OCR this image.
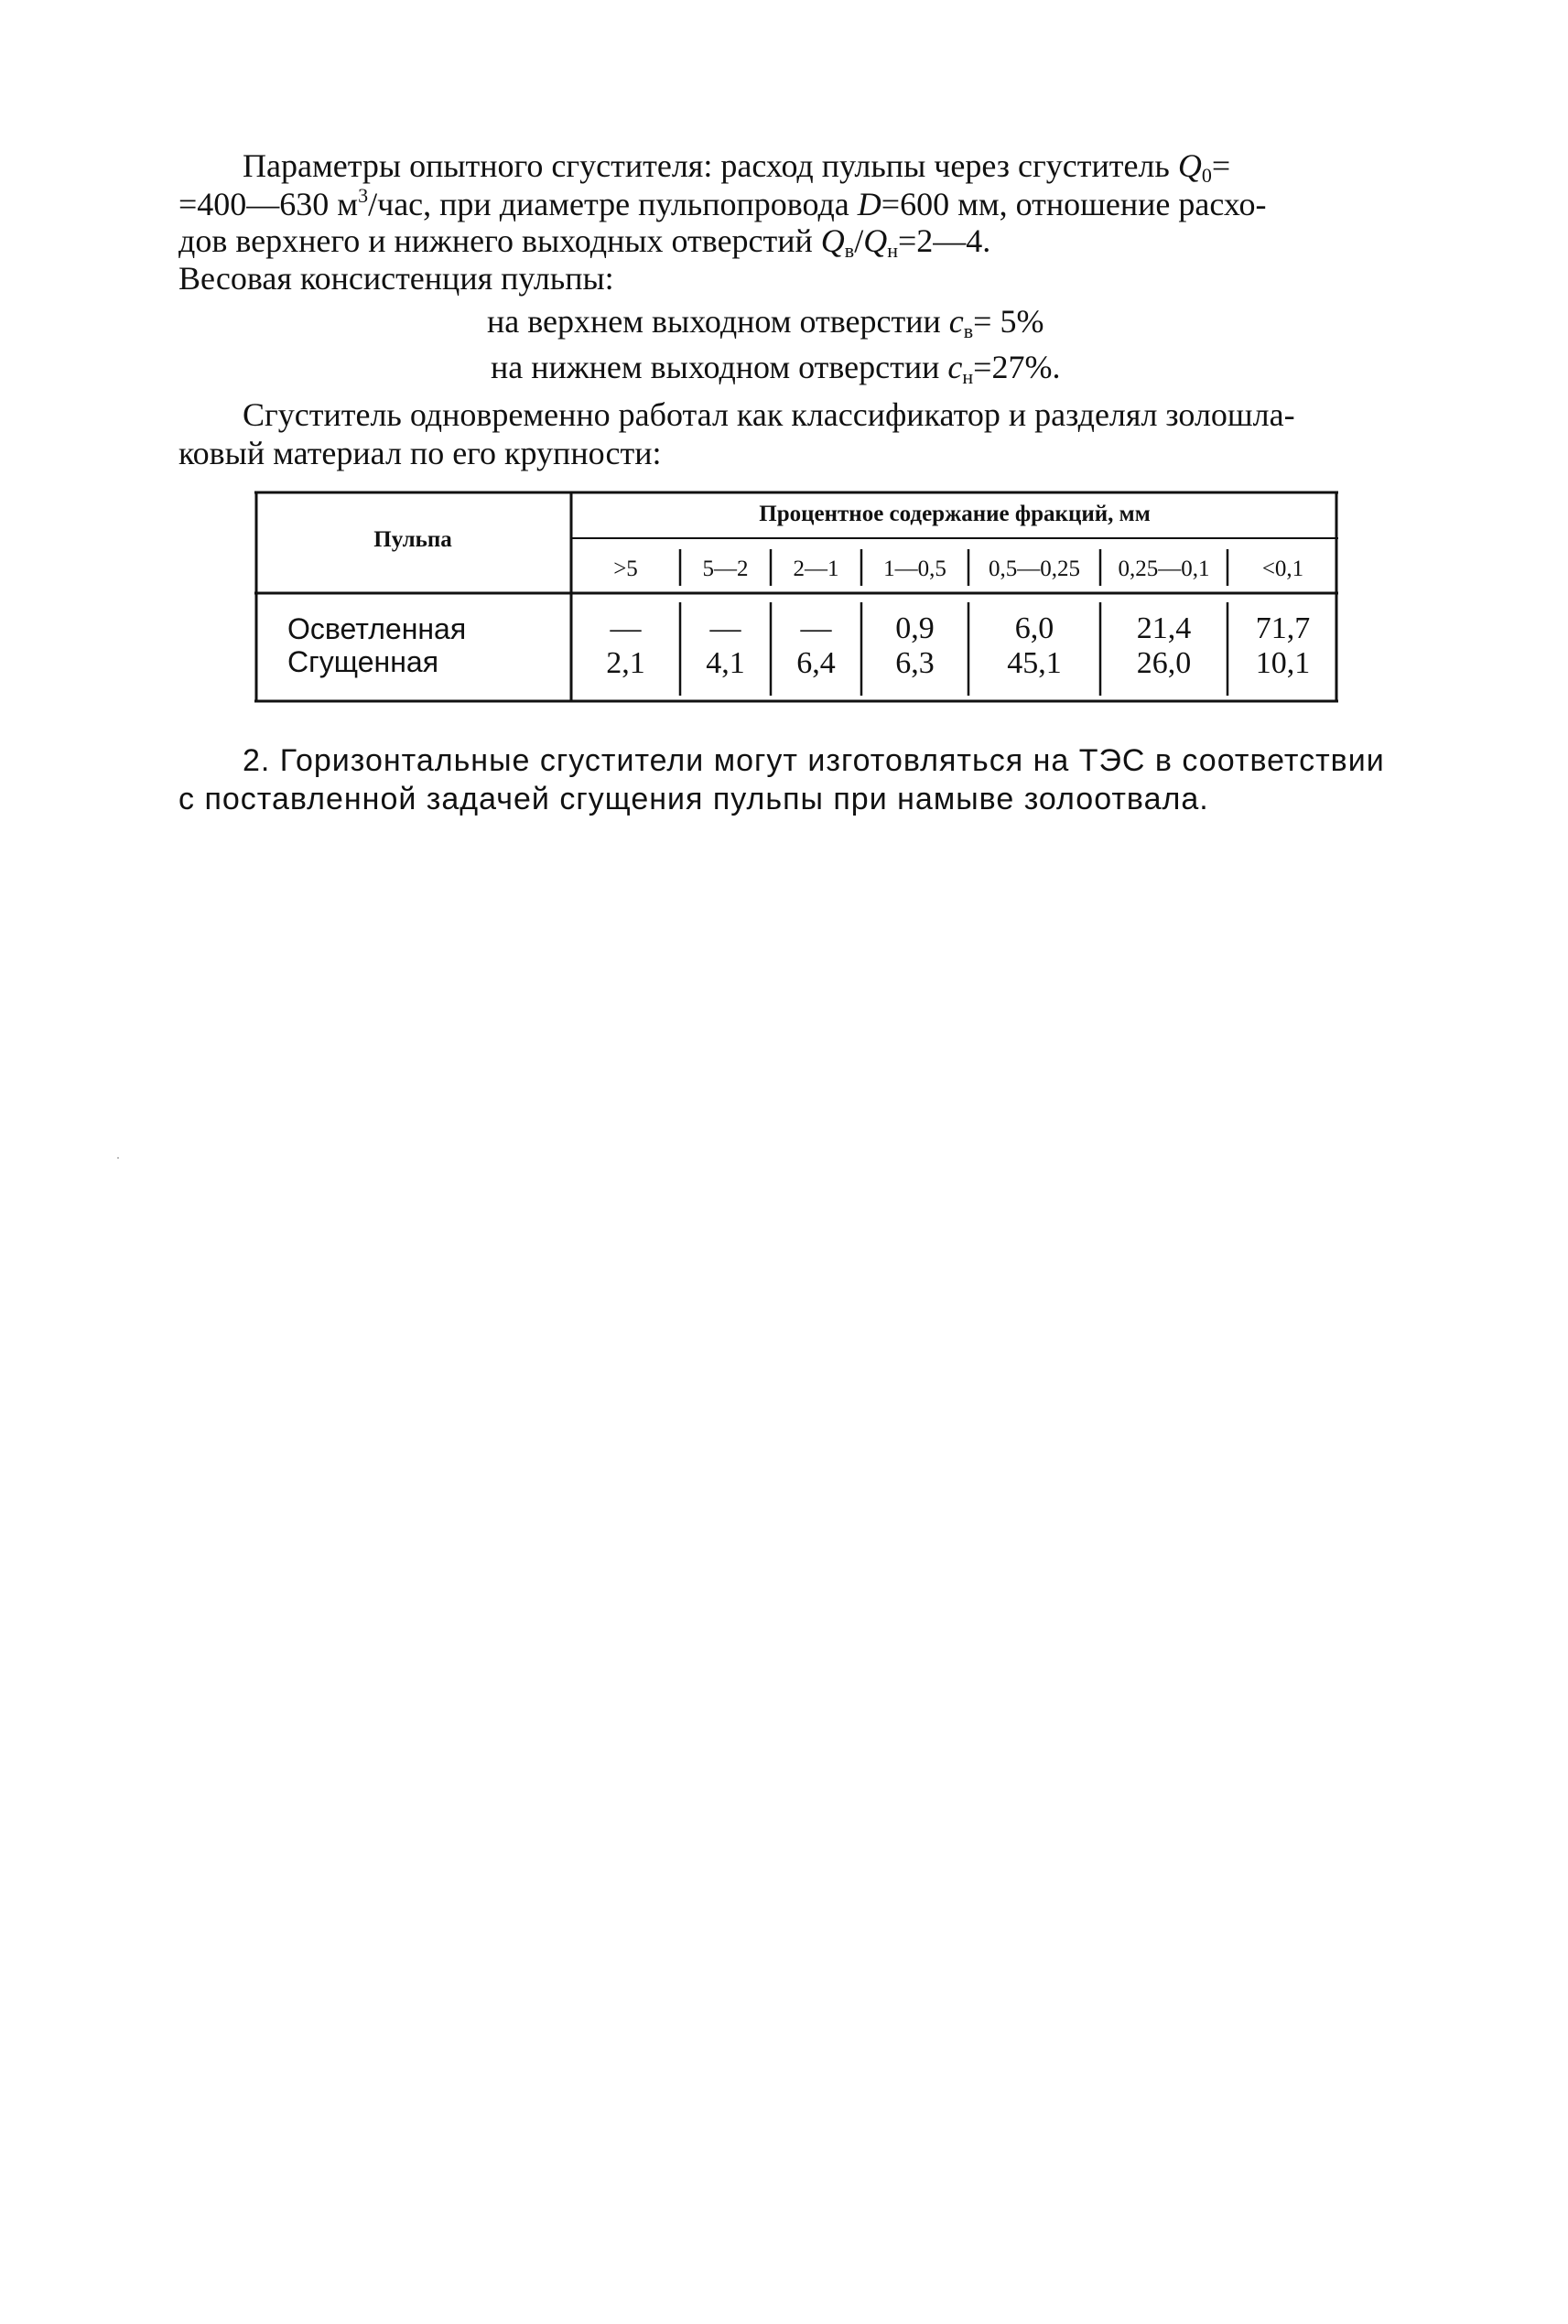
Параметры опытного сгустителя: расход пульпы через сгуститель $Q_0=$
=400—630 $м^3$/час, при диаметре пульпопровода D=600 мм, отношение расхо-
дов верхнего и нижнего выходных отверстий $Q_в/Q_н=2—4$.
Весовая консистенция пульпы:
на верхнем выходном отверстии $c_в= 5\%$
на нижнем выходном отверстии $c_н=27\%$.
Сгуститель одновременно работал как классификатор и разделял золошла-
ковый материал по его крупности:
Пульпа
Процентное содержание фракций, мм
>5	5—2	2—1	1—0,5	0,5—0,25	0,25—0,1	<0,1
Осветленная	—	—	—	0,9	6,0	21,4	71,7
Сгущенная	2,1	4,1	6,4	6,3	45,1	26,0	10,1
2. Горизонтальные сгустители могут изготовляться на ТЭС в соответствии
с поставленной задачей сгущения пульпы при намыве золоотвала.
